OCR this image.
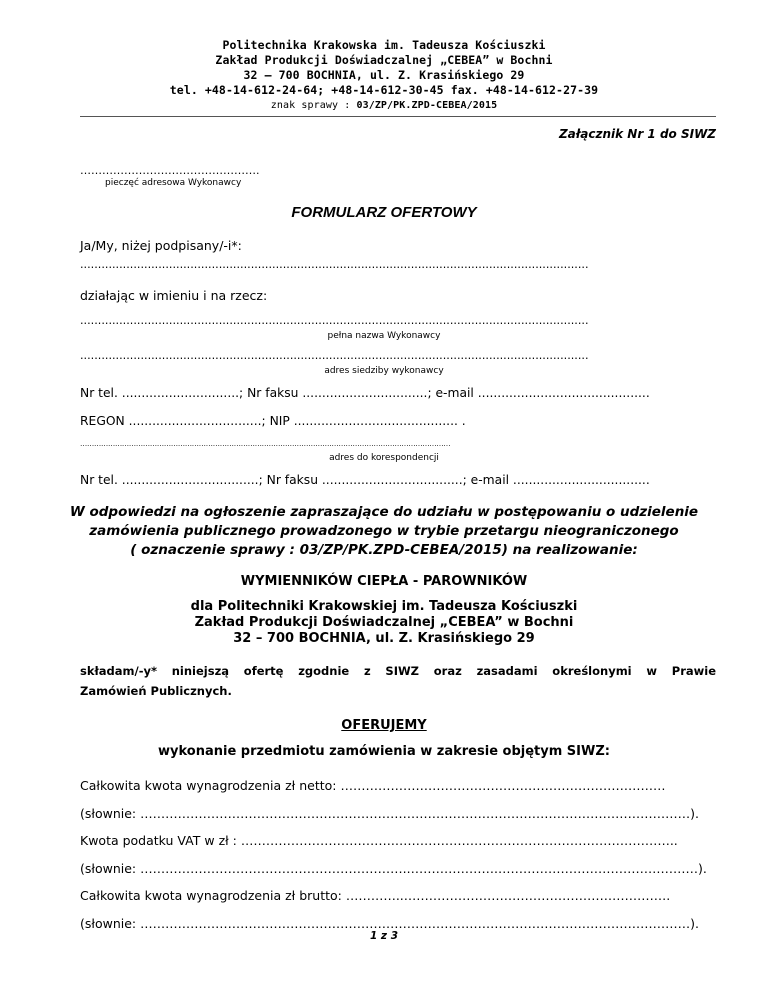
Politechnika Krakowska im. Tadeusza Kościuszki
Zakład Produkcji Doświadczalnej „CEBEA” w Bochni
32 – 700 BOCHNIA, ul. Z. Krasińskiego 29
tel. +48-14-612-24-64; +48-14-612-30-45 fax. +48-14-612-27-39
znak sprawy : 03/ZP/PK.ZPD-CEBEA/2015
Załącznik Nr 1 do SIWZ
………………………………………….
pieczęć adresowa Wykonawcy
FORMULARZ OFERTOWY
Ja/My, niżej podpisany/-i*:
...............................................................................................................................................
działając w imieniu i na rzecz:
...............................................................................................................................................
pełna nazwa Wykonawcy
...............................................................................................................................................
adres siedziby wykonawcy
Nr tel. ..............................; Nr faksu ................................; e-mail ............................................
REGON ..................................; NIP .......................................... .
……………………………………………………………………………………………………………………………………………
adres do korespondencji
Nr tel. ...................................; Nr faksu ....................................; e-mail ...................................
W odpowiedzi na ogłoszenie zapraszające do udziału w postępowaniu o udzielenie
zamówienia publicznego prowadzonego w trybie przetargu nieograniczonego
( oznaczenie sprawy : 03/ZP/PK.ZPD-CEBEA/2015) na realizowanie:
WYMIENNIKÓW CIEPŁA - PAROWNIKÓW
dla Politechniki Krakowskiej im. Tadeusza Kościuszki
Zakład Produkcji Doświadczalnej „CEBEA” w Bochni
32 – 700 BOCHNIA, ul. Z. Krasińskiego 29
składam/-y* niniejszą ofertę zgodnie z SIWZ oraz zasadami określonymi w Prawie
Zamówień Publicznych.
OFERUJEMY
wykonanie przedmiotu zamówienia w zakresie objętym SIWZ:
Całkowita kwota wynagrodzenia zł netto: ……………………………………………………………………
(słownie: ……………………………………………………………………………………………………………………).
Kwota podatku VAT w zł : ……………………………….…………………………………………………………..
(słownie: ……………………………………………………….………………….…………………………………………).
Całkowita kwota wynagrodzenia zł brutto: …………..……………………………………………………….
(słownie: ……………………………………………………………………………………………………………………).
1 z 3
